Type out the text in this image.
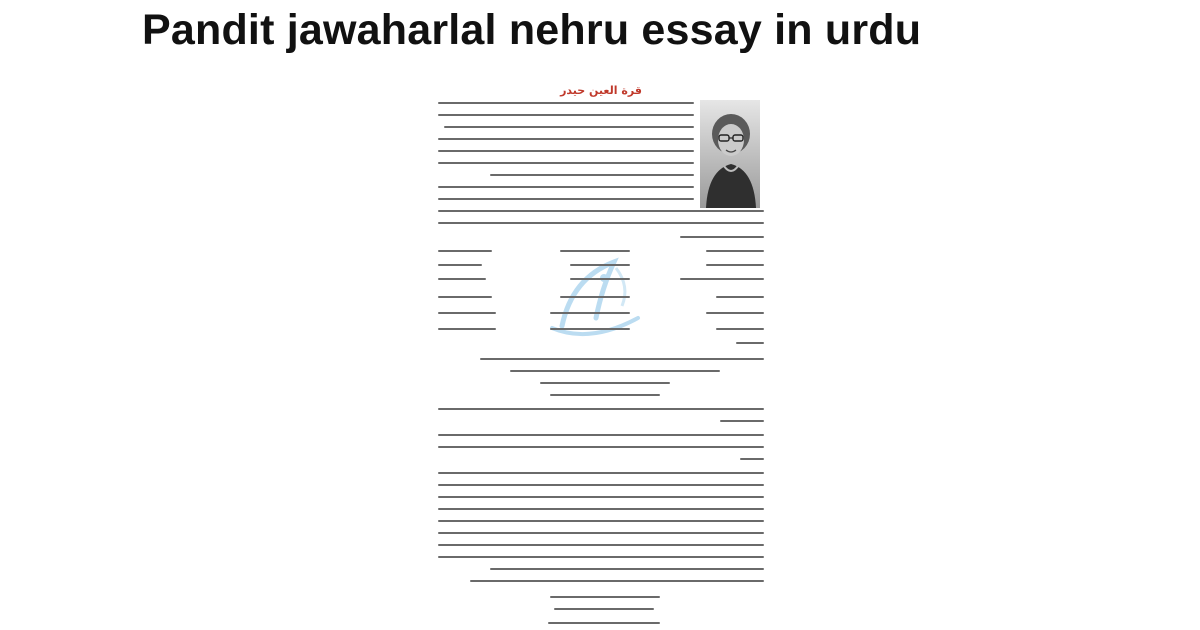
Pandit jawaharlal nehru essay in urdu
قرة العين حيدر
